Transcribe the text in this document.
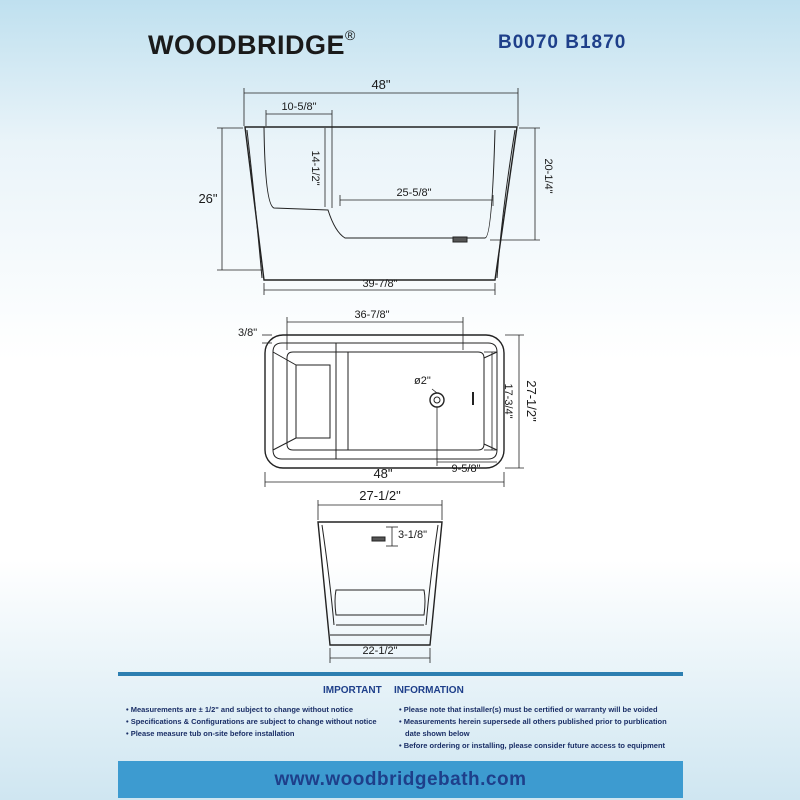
WOODBRIDGE®	B0070 B1870
48"
10-5/8"
14-1/2"
25-5/8"
26"
20-1/4"
39-7/8"
36-7/8"
3/8"
ø2"
17-3/4" 27-1/2"
48"	9-5/8"
27-1/2"
3-1/8"
22-1/2"
IMPORTANT INFORMATION
• Measurements are ± 1/2" and subject to change without notice
• Specifications & Configurations are subject to change without notice
• Please measure tub on-site before installation
• Please note that installer(s) must be certified or warranty will be voided
• Measurements herein supersede all others published prior to purblication
date shown below
• Before ordering or installing, please consider future access to equipment
www.woodbridgebath.com
